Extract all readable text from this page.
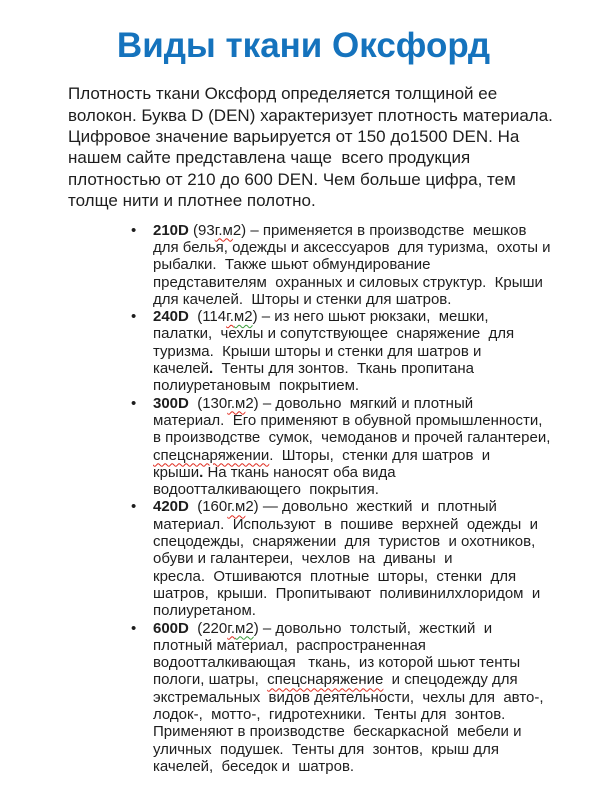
Виды ткани Оксфорд
Плотность ткани Оксфорд определяется толщиной ее
волокон. Буква D (DEN) характеризует плотность материала.
Цифровое значение варьируется от 150 до1500 DEN. На
нашем сайте представлена чаще  всего продукция
плотностью от 210 до 600 DEN. Чем больше цифра, тем
толще нити и плотнее полотно.
• 210D (93г.м2) – применяется в производстве  мешков
для белья, одежды и аксессуаров  для туризма,  охоты и
рыбалки.  Также шьют обмундирование
представителям  охранных и силовых структур.  Крыши
для качелей.  Шторы и стенки для шатров.
• 240D  (114г.м2) – из него шьют рюкзаки,  мешки,
палатки,  чехлы и сопутствующее  снаряжение  для
туризма.  Крыши шторы и стенки для шатров и
качелей.  Тенты для зонтов.  Ткань пропитана
полиуретановым  покрытием.
• 300D  (130г.м2) – довольно  мягкий и плотный
материал.  Его применяют в обувной промышленности,
в производстве  сумок,  чемоданов и прочей галантереи,
спецснаряжении.  Шторы,  стенки для шатров  и
крыши. На ткань наносят оба вида
водоотталкивающего  покрытия.
• 420D  (160г.м2) — довольно  жесткий  и  плотный
материал.  Используют  в  пошиве  верхней  одежды  и
спецодежды,  снаряжении  для  туристов  и охотников,
обуви и галантереи,  чехлов  на  диваны  и
кресла.  Отшиваются  плотные  шторы,  стенки  для
шатров,  крыши.  Пропитывают  поливинилхлоридом  и
полиуретаном.
• 600D  (220г.м2) – довольно  толстый,  жесткий  и
плотный материал,  распространенная
водоотталкивающая   ткань,  из которой шьют тенты
пологи, шатры,  спецснаряжение  и спецодежду для
экстремальных  видов деятельности,  чехлы для  авто-,
лодок-,  мотто-,  гидротехники.  Тенты для  зонтов.
Применяют в производстве  бескаркасной  мебели и
уличных  подушек.  Тенты для  зонтов,  крыш для
качелей,  беседок и  шатров.
